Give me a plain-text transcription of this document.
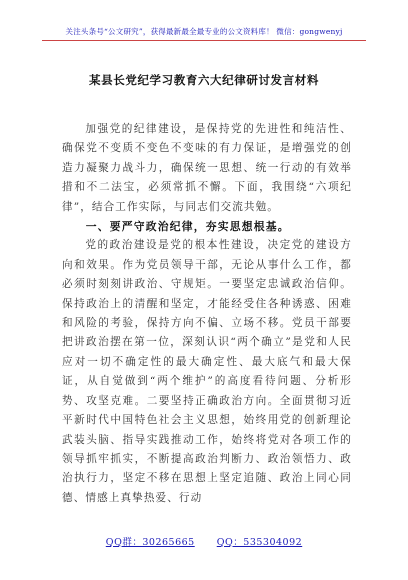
关注头条号“公文研究”，获得最新最全最专业的公文资料库！ 微信：gongwenyj
某县长党纪学习教育六大纪律研讨发言材料

加强党的纪律建设，是保持党的先进性和纯洁性、确保党不变质不变色不变味的有力保证，是增强党的创造力凝聚力战斗力，确保统一思想、统一行动的有效举措和不二法宝，必须常抓不懈。下面，我围绕“六项纪律”，结合工作实际，与同志们交流共勉。

一、要严守政治纪律，夯实思想根基。

党的政治建设是党的根本性建设，决定党的建设方向和效果。作为党员领导干部，无论从事什么工作，都必须时刻刻讲政治、守规矩。一要坚定忠诚政治信仰。保持政治上的清醒和坚定，才能经受住各种诱惑、困难和风险的考验，保持方向不偏、立场不移。党员干部要把讲政治摆在第一位，深刻认识“两个确立”是党和人民应对一切不确定性的最大确定性、最大底气和最大保证，从自觉做到“两个维护”的高度看待问题、分析形势、攻坚克难。二要坚持正确政治方向。全面贯彻习近平新时代中国特色社会主义思想，始终用党的创新理论武装头脑、指导实践推动工作，始终将党对各项工作的领导抓牢抓实，不断提高政治判断力、政治领悟力、政治执行力，坚定不移在思想上坚定追随、政治上同心同德、情感上真挚热爱、行动

QQ群：30265665 QQ：535304092
